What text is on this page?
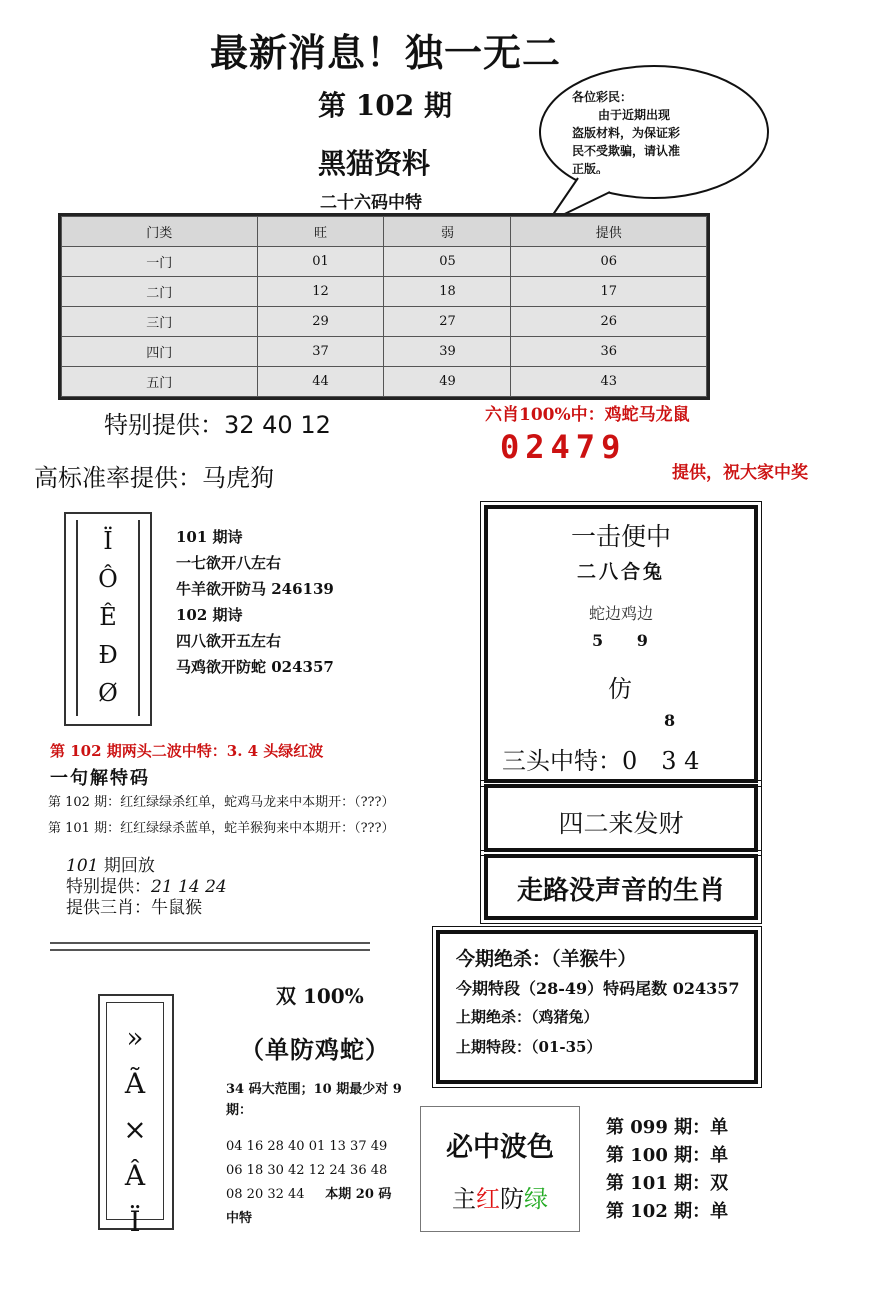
最新消息！独一无二
第 102 期
黑猫资料
二十六码中特
各位彩民：
由于近期出现
盗版材料，为保证彩
民不受欺骗，请认准
正版。
门类	旺	弱	提供
一门	01	05	06
二门	12	18	17
三门	29	27	26
四门	37	39	36
五门	44	49	43
特别提供：32 40 12
高标准率提供：马虎狗
六肖100%中：鸡蛇马龙鼠
02479
提供，祝大家中奖
Ï
Ô
Ê
Ð
Ø
101 期诗
一七欲开八左右
牛羊欲开防马 246139
102 期诗
四八欲开五左右
马鸡欲开防蛇 024357
第 102 期两头二波中特：3. 4 头绿红波
一句解特码
第 102 期：红红绿绿杀红单，蛇鸡马龙来中本期开：（???）
第 101 期：红红绿绿杀蓝单，蛇羊猴狗来中本期开：（???）
101 期回放
特别提供：21 14 24
提供三肖：牛鼠猴
一击便中
二八合兔
蛇边鸡边
5 9
仿
8
三头中特：0　3 4
四二来发财
走路没声音的生肖
今期绝杀：（羊猴牛）
今期特段（28-49）特码尾数 024357
上期绝杀：（鸡猪兔）
上期特段：（01-35）
»
Ã
×
Â
Ï
双 100%
（单防鸡蛇）
34 码大范围；10 期最少对 9 期：
04 16 28 40 01 13 37 49
06 18 30 42 12 24 36 48
08 20 32 44 本期 20 码
中特
必中波色
主红防绿
第 099 期：单
第 100 期：单
第 101 期：双
第 102 期：单
